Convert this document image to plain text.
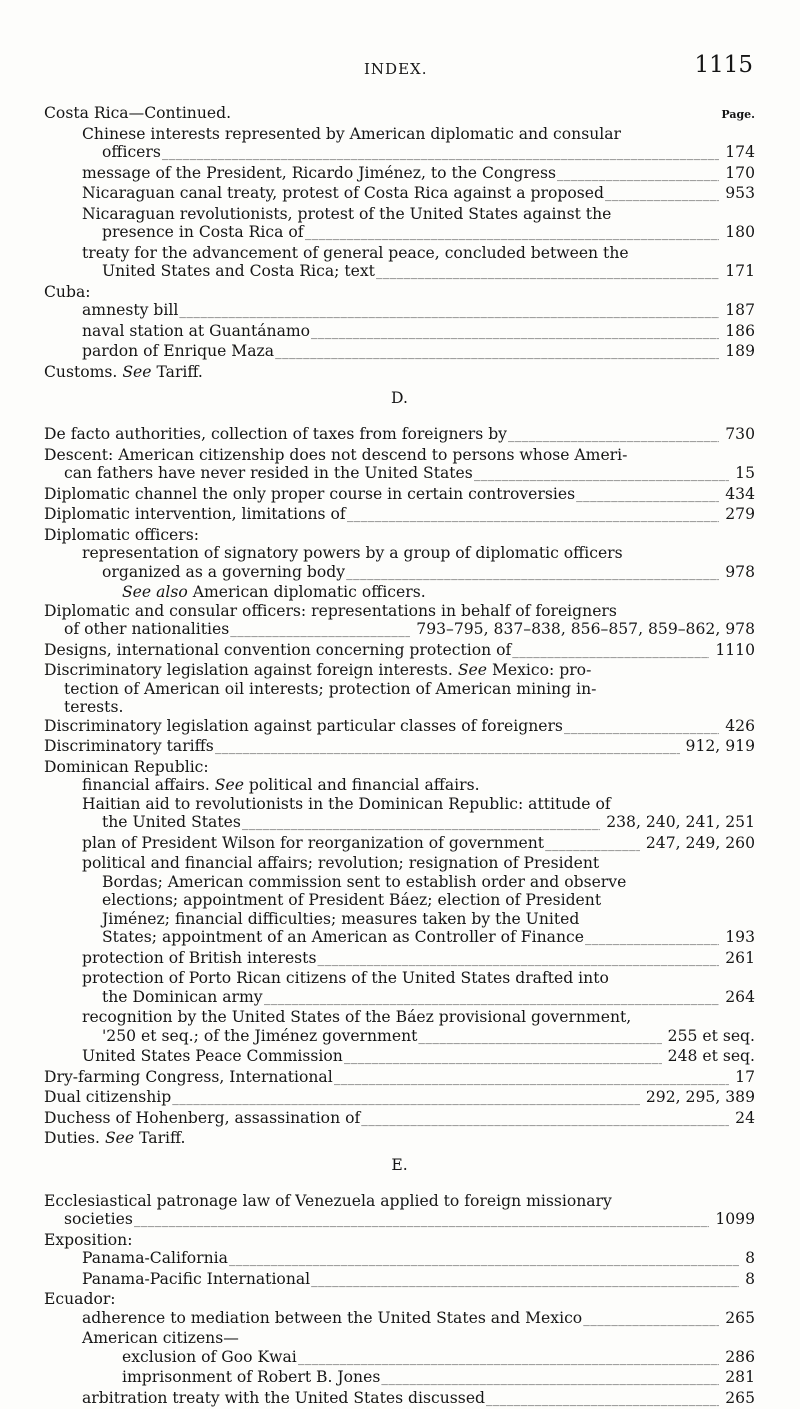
INDEX.	1115
Costa Rica—Continued.	Page.
Chinese interests represented by American diplomatic and consular
officers _____	174
message of the President, Ricardo Jiménez, to the Congress _____	170
Nicaraguan canal treaty, protest of Costa Rica against a proposed _____	953
Nicaraguan revolutionists, protest of the United States against the
presence in Costa Rica of _____	180
treaty for the advancement of general peace, concluded between the
United States and Costa Rica; text _____	171
Cuba:
amnesty bill _____	187
naval station at Guantánamo _____	186
pardon of Enrique Maza _____	189
Customs. See Tariff.
D.
De facto authorities, collection of taxes from foreigners by _____	730
Descent: American citizenship does not descend to persons whose Ameri-
can fathers have never resided in the United States _____	15
Diplomatic channel the only proper course in certain controversies _____	434
Diplomatic intervention, limitations of _____	279
Diplomatic officers:
representation of signatory powers by a group of diplomatic officers
organized as a governing body _____	978
See also American diplomatic officers.
Diplomatic and consular officers: representations in behalf of foreigners
of other nationalities _____	793–795, 837–838, 856–857, 859–862, 978
Designs, international convention concerning protection of _____	1110
Discriminatory legislation against foreign interests. See Mexico: pro-
tection of American oil interests; protection of American mining in-
terests.
Discriminatory legislation against particular classes of foreigners _____	426
Discriminatory tariffs _____	912, 919
Dominican Republic:
financial affairs. See political and financial affairs.
Haitian aid to revolutionists in the Dominican Republic: attitude of
the United States _____	238, 240, 241, 251
plan of President Wilson for reorganization of government _____	247, 249, 260
political and financial affairs; revolution; resignation of President
Bordas; American commission sent to establish order and observe
elections; appointment of President Báez; election of President
Jiménez; financial difficulties; measures taken by the United
States; appointment of an American as Controller of Finance _____	193
protection of British interests _____	261
protection of Porto Rican citizens of the United States drafted into
the Dominican army _____	264
recognition by the United States of the Báez provisional government,
'250 et seq.; of the Jiménez government _____	255 et seq.
United States Peace Commission _____	248 et seq.
Dry-farming Congress, International _____	17
Dual citizenship _____	292, 295, 389
Duchess of Hohenberg, assassination of _____	24
Duties. See Tariff.
E.
Ecclesiastical patronage law of Venezuela applied to foreign missionary
societies _____	1099
Exposition:
Panama-California _____	8
Panama-Pacific International _____	8
Ecuador:
adherence to mediation between the United States and Mexico _____	265
American citizens—
exclusion of Goo Kwai _____	286
imprisonment of Robert B. Jones _____	281
arbitration treaty with the United States discussed _____	265
